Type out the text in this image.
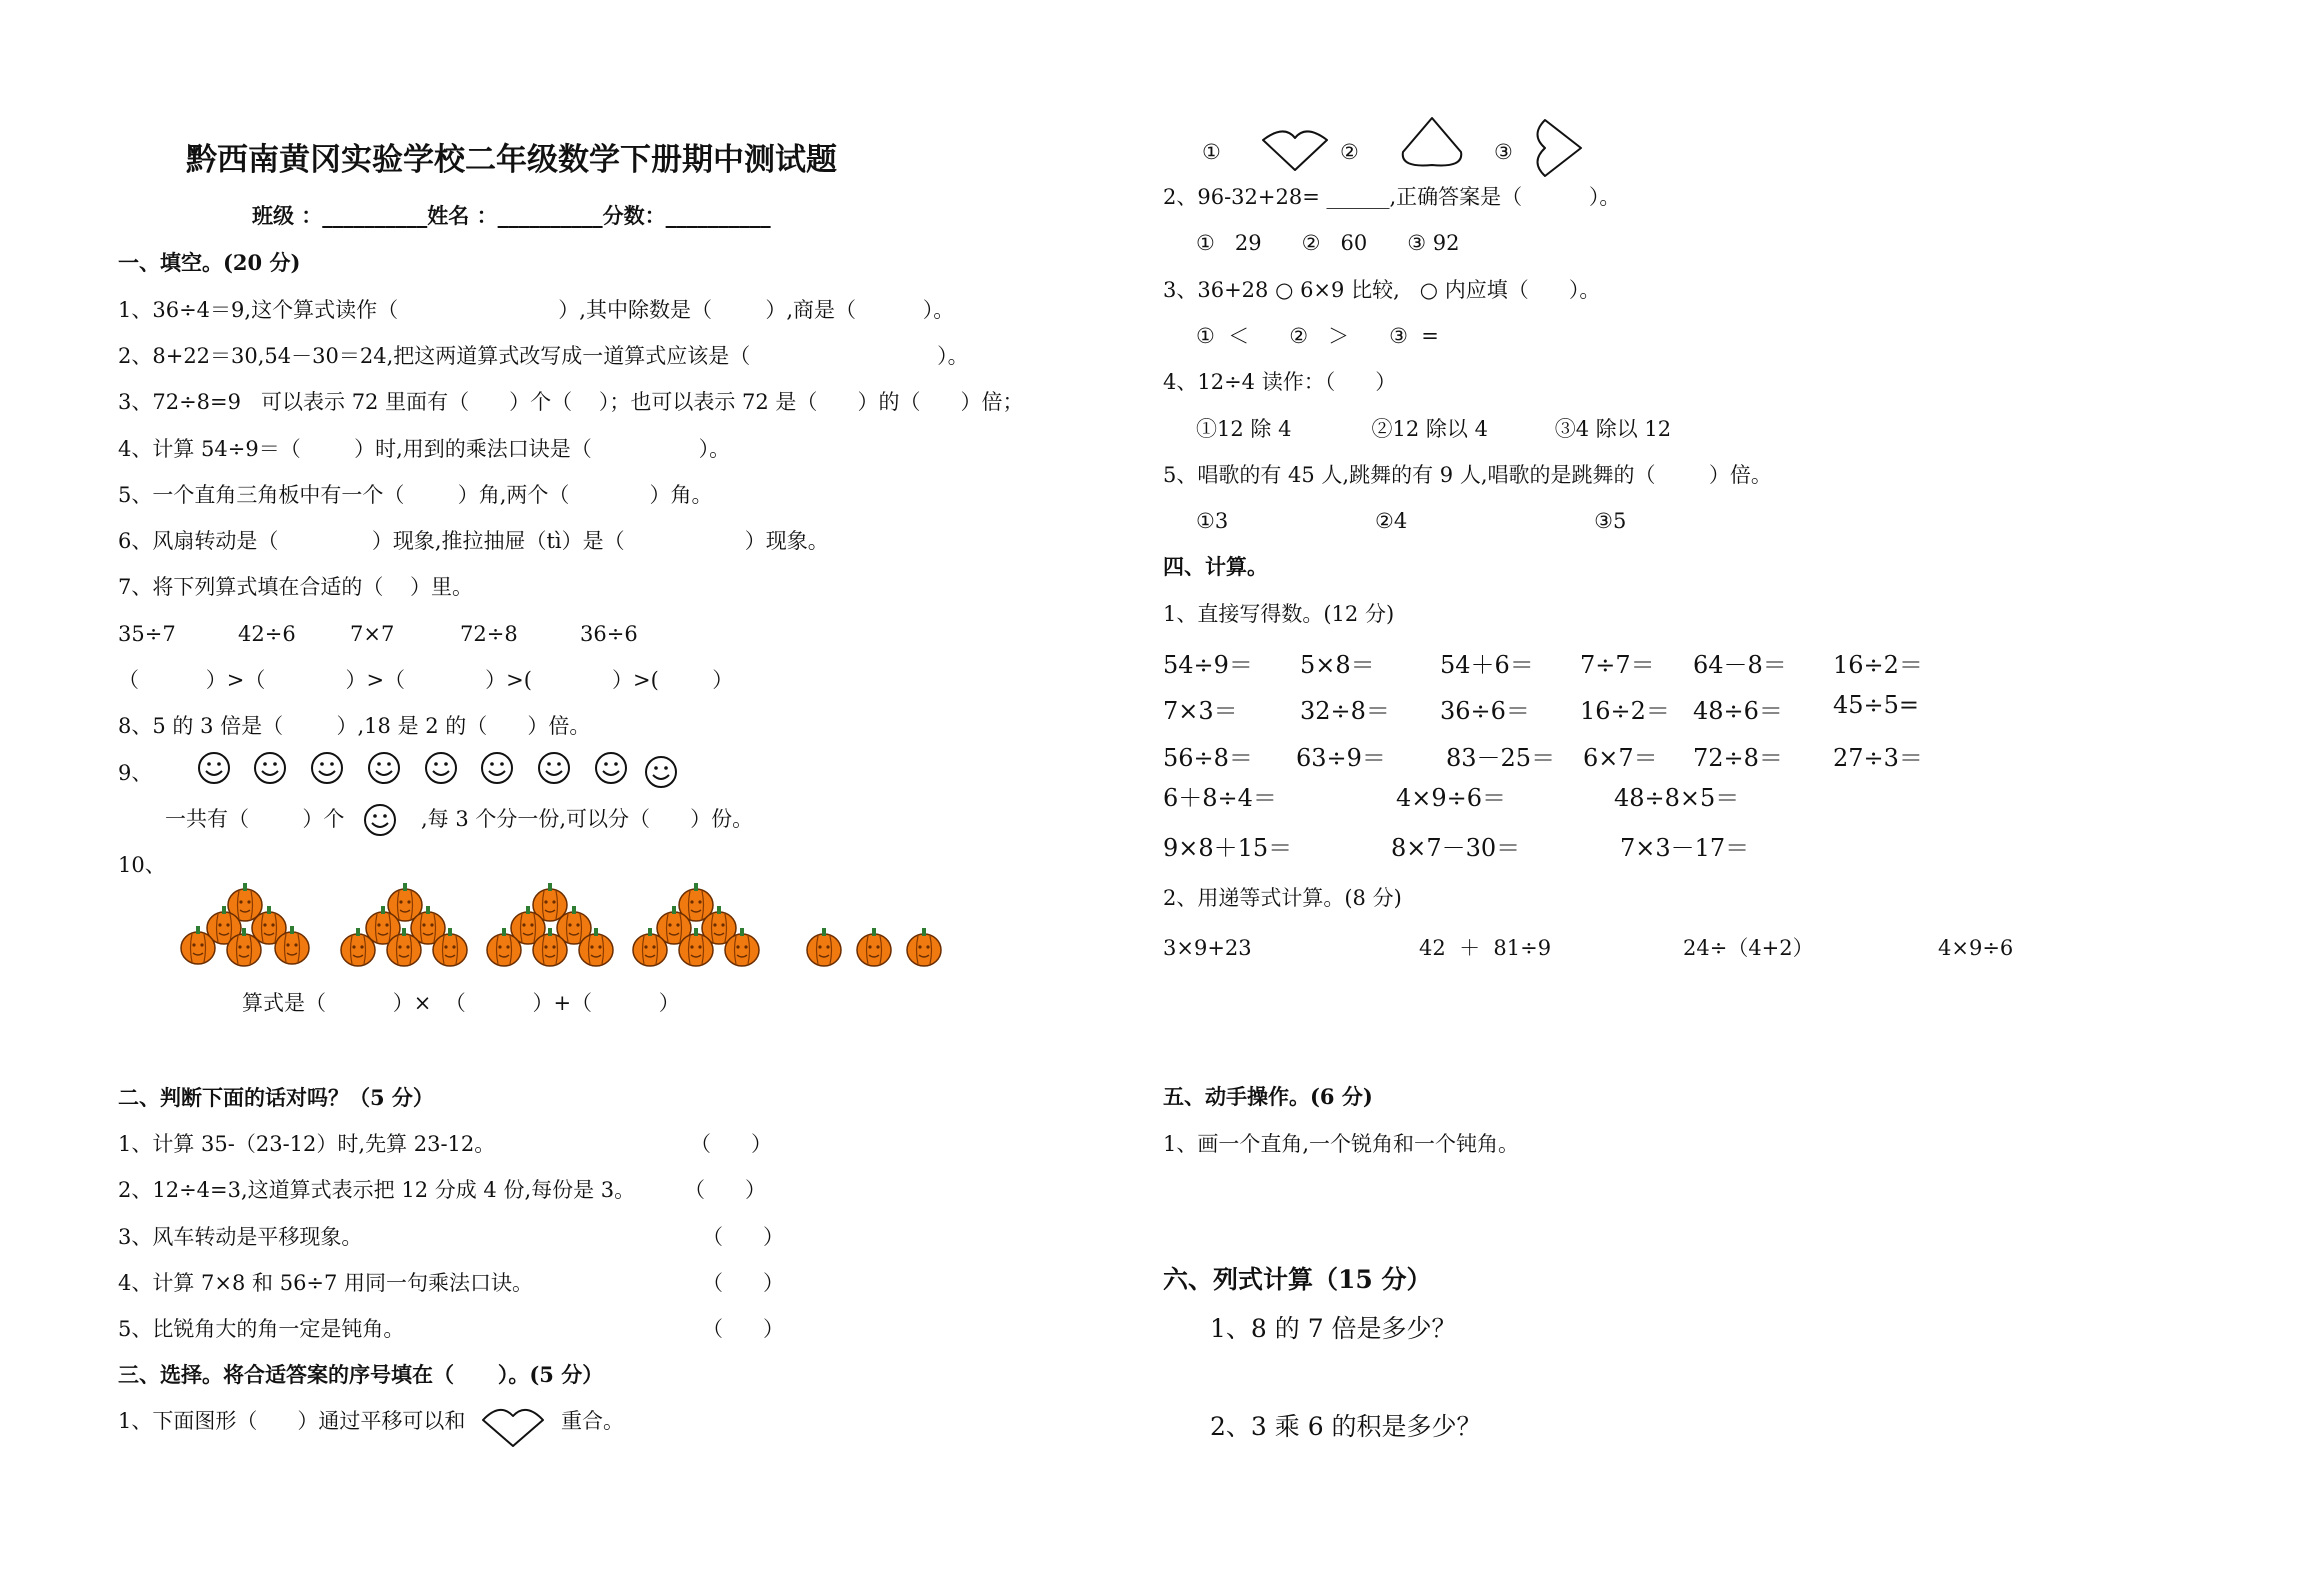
黔西南黄冈实验学校二年级数学下册期中测试题
班级 ：__________姓名 ：__________分数：__________
一、填空。(20 分)
1、36÷4＝9,这个算式读作（                        ）,其中除数是（        ）,商是（          ）。
2、8+22＝30,54－30＝24,把这两道算式改写成一道算式应该是（                            ）。
3、72÷8=9   可以表示 72 里面有（      ）个（    ）；也可以表示 72 是（      ）的（      ）倍；
4、计算 54÷9＝（        ）时,用到的乘法口诀是（                ）。
5、一个直角三角板中有一个（        ）角,两个（            ）角。
6、风扇转动是（              ）现象,推拉抽屉（tì）是（                  ）现象。
7、将下列算式填在合适的（    ）里。
35÷7	42÷6	7×7	72÷8	36÷6
（          ）>（            ）>（            ）>(            ）>(        ）
8、5 的 3 倍是（        ）,18 是 2 的（      ）倍。
9、
一共有（        ）个	,每 3 个分一份,可以分（      ）份。
10、
算式是（          ）×  （          ）+（          ）
二、判断下面的话对吗？（5 分）
1、计算 35-（23-12）时,先算 23-12。	（      ）
2、12÷4=3,这道算式表示把 12 分成 4 份,每份是 3。 （      ）
3、风车转动是平移现象。	（      ）
4、计算 7×8 和 56÷7 用同一句乘法口诀。	（      ）
5、比锐角大的角一定是钝角。	（      ）
三、选择。将合适答案的序号填在（      ）。(5 分）
1、下面图形（      ）通过平移可以和	重合。
①	②	③
2、96-32+28= ______,正确答案是（          ）。
①   29      ②   60      ③ 92
3、36+28 ○ 6×9 比较,   ○ 内应填（      ）。
①  ＜      ②   ＞      ③  =
4、12÷4 读作：（      ）
①12 除 4            ②12 除以 4          ③4 除以 12
5、唱歌的有 45 人,跳舞的有 9 人,唱歌的是跳舞的（        ）倍。
①3                      ②4                            ③5
四、计算。
1、直接写得数。(12 分)
54÷9＝ 5×8＝	54＋6＝ 7÷7＝ 64－8＝ 16÷2＝
7×3＝	32÷8＝ 36÷6＝ 16÷2＝ 48÷6＝ 45÷5=
56÷8＝ 63÷9＝	83－25＝ 6×7＝ 72÷8＝ 27÷3＝
6＋8÷4＝	4×9÷6＝	48÷8×5＝
9×8＋15＝	8×7－30＝	7×3－17＝
2、用递等式计算。(8 分)
3×9+23	42  ＋  81÷9	24÷（4+2）	4×9÷6
五、动手操作。(6 分)
1、画一个直角,一个锐角和一个钝角。
六、列式计算（15 分）
1、8 的 7 倍是多少？
2、3 乘 6 的积是多少？
